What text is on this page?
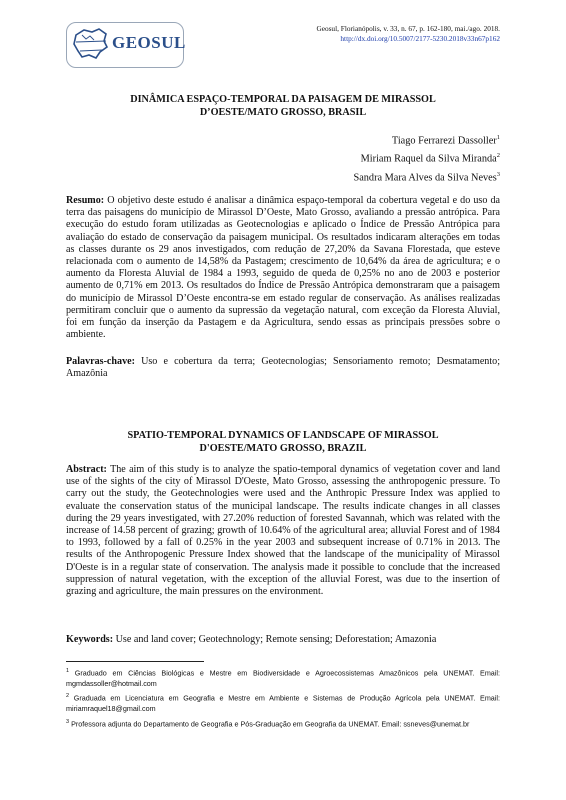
GEOSUL
Geosul, Florianópolis, v. 33, n. 67, p. 162-180, mai./ago. 2018.
http://dx.doi.org/10.5007/2177-5230.2018v33n67p162
DINÂMICA ESPAÇO-TEMPORAL DA PAISAGEM DE MIRASSOL
D’OESTE/MATO GROSSO, BRASIL
Tiago Ferrarezi Dassoller$^1$
Miriam Raquel da Silva Miranda$^2$
Sandra Mara Alves da Silva Neves$^3$
Resumo: O objetivo deste estudo é analisar a dinâmica espaço-temporal da cobertura vegetal e do uso da terra das paisagens do município de Mirassol D’Oeste, Mato Grosso, avaliando a pressão antrópica. Para execução do estudo foram utilizadas as Geotecnologias e aplicado o Índice de Pressão Antrópica para avaliação do estado de conservação da paisagem municipal. Os resultados indicaram alterações em todas as classes durante os 29 anos investigados, com redução de 27,20% da Savana Florestada, que esteve relacionada com o aumento de 14,58% da Pastagem; crescimento de 10,64% da área de agricultura; e o aumento da Floresta Aluvial de 1984 a 1993, seguido de queda de 0,25% no ano de 2003 e posterior aumento de 0,71% em 2013. Os resultados do Índice de Pressão Antrópica demonstraram que a paisagem do município de Mirassol D’Oeste encontra-se em estado regular de conservação. As análises realizadas permitiram concluir que o aumento da supressão da vegetação natural, com exceção da Floresta Aluvial, foi em função da inserção da Pastagem e da Agricultura, sendo essas as principais pressões sobre o ambiente.
Palavras-chave: Uso e cobertura da terra; Geotecnologias; Sensoriamento remoto; Desmatamento; Amazônia
SPATIO-TEMPORAL DYNAMICS OF LANDSCAPE OF MIRASSOL
D'OESTE/MATO GROSSO, BRAZIL
Abstract: The aim of this study is to analyze the spatio-temporal dynamics of vegetation cover and land use of the sights of the city of Mirassol D'Oeste, Mato Grosso, assessing the anthropogenic pressure. To carry out the study, the Geotechnologies were used and the Anthropic Pressure Index was applied to evaluate the conservation status of the municipal landscape. The results indicate changes in all classes during the 29 years investigated, with 27.20% reduction of forested Savannah, which was related with the increase of 14.58 percent of grazing; growth of 10.64% of the agricultural area; alluvial Forest and of 1984 to 1993, followed by a fall of 0.25% in the year 2003 and subsequent increase of 0.71% in 2013. The results of the Anthropogenic Pressure Index showed that the landscape of the municipality of Mirassol D'Oeste is in a regular state of conservation. The analysis made it possible to conclude that the increased suppression of natural vegetation, with the exception of the alluvial Forest, was due to the insertion of grazing and agriculture, the main pressures on the environment.
Keywords: Use and land cover; Geotechnology; Remote sensing; Deforestation; Amazonia
$^1$ Graduado em Ciências Biológicas e Mestre em Biodiversidade e Agroecossistemas Amazônicos pela UNEMAT. Email: mgmdassoller@hotmail.com
$^2$ Graduada em Licenciatura em Geografia e Mestre em Ambiente e Sistemas de Produção Agrícola pela UNEMAT. Email: miriamraquel18@gmail.com
$^3$ Professora adjunta do Departamento de Geografia e Pós-Graduação em Geografia da UNEMAT. Email: ssneves@unemat.br
